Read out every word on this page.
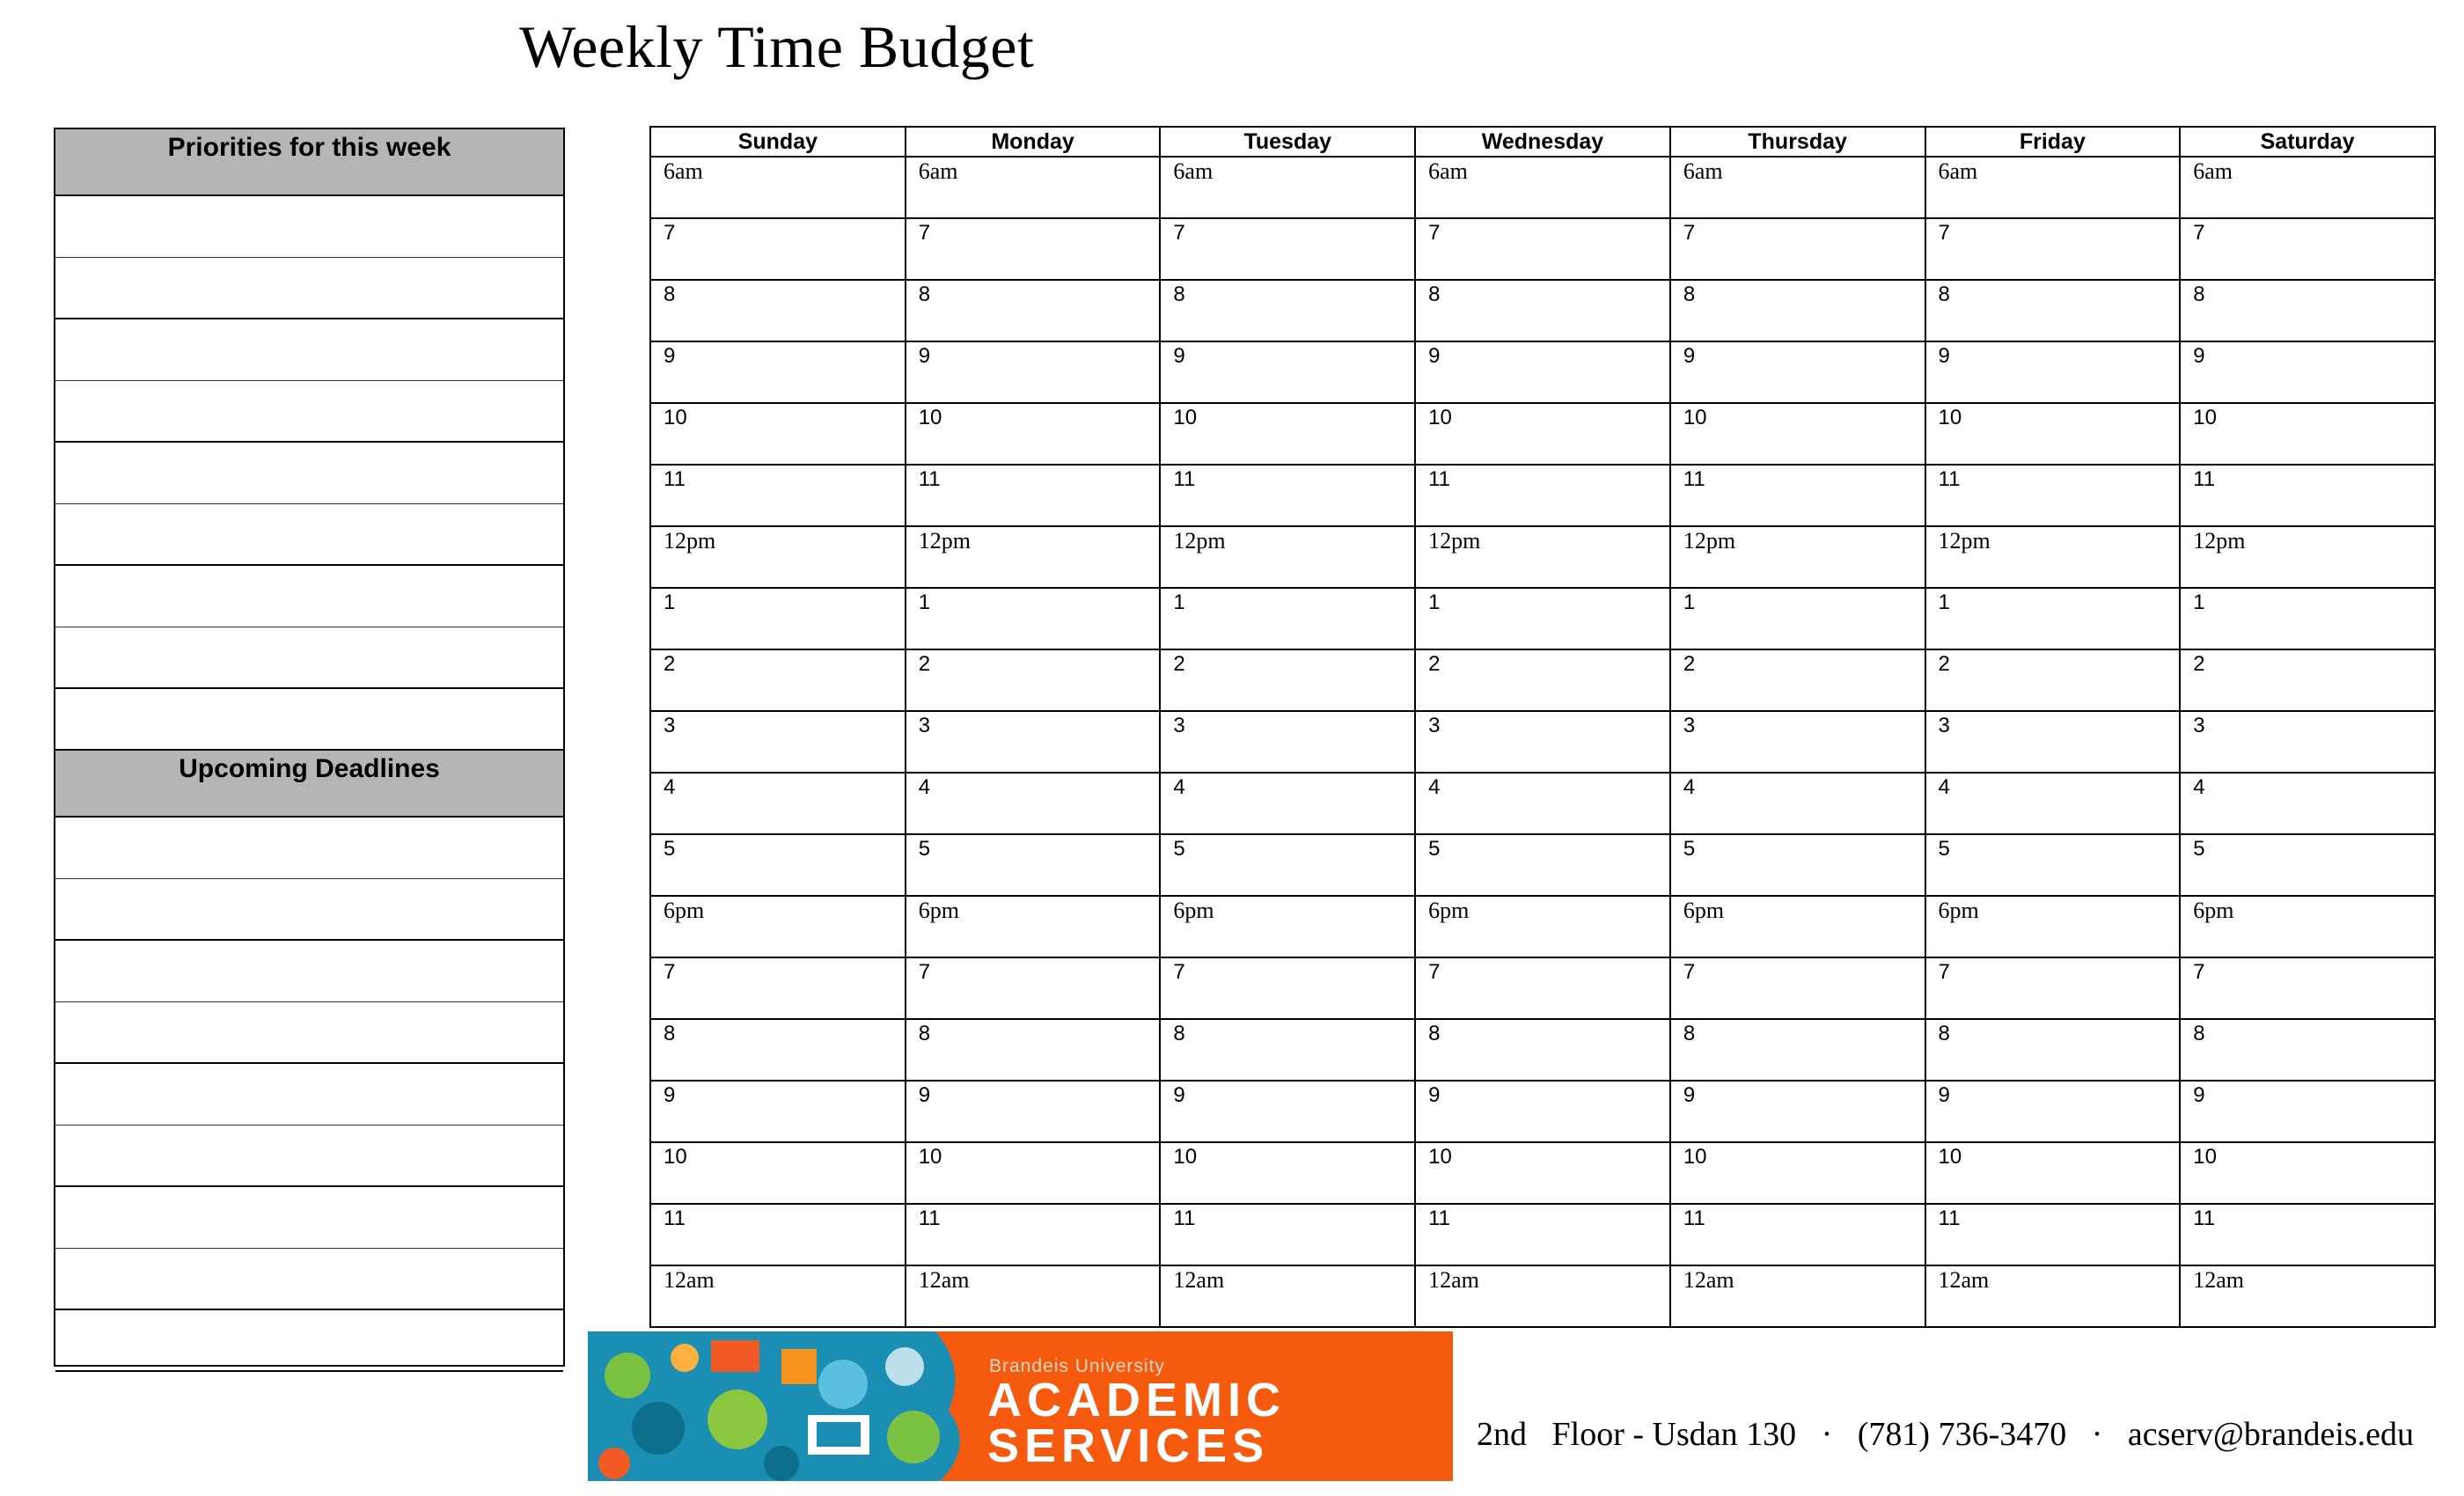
Weekly Time Budget
Priorities for this week
Upcoming Deadlines
Sunday	Monday	Tuesday	Wednesday	Thursday	Friday	Saturday
6am	6am	6am	6am	6am	6am	6am
7	7	7	7	7	7	7
8	8	8	8	8	8	8
9	9	9	9	9	9	9
10	10	10	10	10	10	10
11	11	11	11	11	11	11
12pm	12pm	12pm	12pm	12pm	12pm	12pm
1	1	1	1	1	1	1
2	2	2	2	2	2	2
3	3	3	3	3	3	3
4	4	4	4	4	4	4
5	5	5	5	5	5	5
6pm	6pm	6pm	6pm	6pm	6pm	6pm
7	7	7	7	7	7	7
8	8	8	8	8	8	8
9	9	9	9	9	9	9
10	10	10	10	10	10	10
11	11	11	11	11	11	11
12am	12am	12am	12am	12am	12am	12am
Brandeis University
ACADEMIC
SERVICES	2nd   Floor - Usdan 130 · (781) 736-3470 · acserv@brandeis.edu
